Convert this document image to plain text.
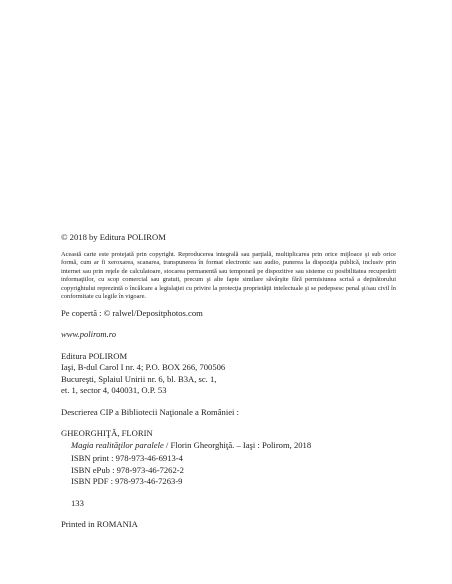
© 2018 by Editura POLIROM

Această carte este protejată prin copyright. Reproducerea integrală sau parţială, multiplicarea prin orice mijloace şi sub orice formă, cum ar fi xeroxarea, scanarea, transpunerea în format electronic sau audio, punerea la dispoziţia publică, inclusiv prin internet sau prin reţele de calculatoare, stocarea permanentă sau temporară pe dispozitive sau sisteme cu posibilitatea recuperării informaţiilor, cu scop comercial sau gratuit, precum şi alte fapte similare săvârşite fără permisiunea scrisă a deţinătorului copyrightului reprezintă o încălcare a legislaţiei cu privire la protecţia proprietăţii intelectuale şi se pedepsesc penal şi/sau civil în conformitate cu legile în vigoare.

Pe copertă : © ralwel/Depositphotos.com
www.polirom.ro
Editura POLIROM
Iaşi, B-dul Carol I nr. 4; P.O. BOX 266, 700506
Bucureşti, Splaiul Unirii nr. 6, bl. B3A, sc. 1,
et. 1, sector 4, 040031, O.P. 53
Descrierea CIP a Bibliotecii Naţionale a României :
GHEORGHIŢĂ, FLORIN
Magia realităţilor paralele / Florin Gheorghiţă. – Iaşi : Polirom, 2018
ISBN print : 978-973-46-6913-4
ISBN ePub : 978-973-46-7262-2
ISBN PDF : 978-973-46-7263-9
133
Printed in ROMANIA
